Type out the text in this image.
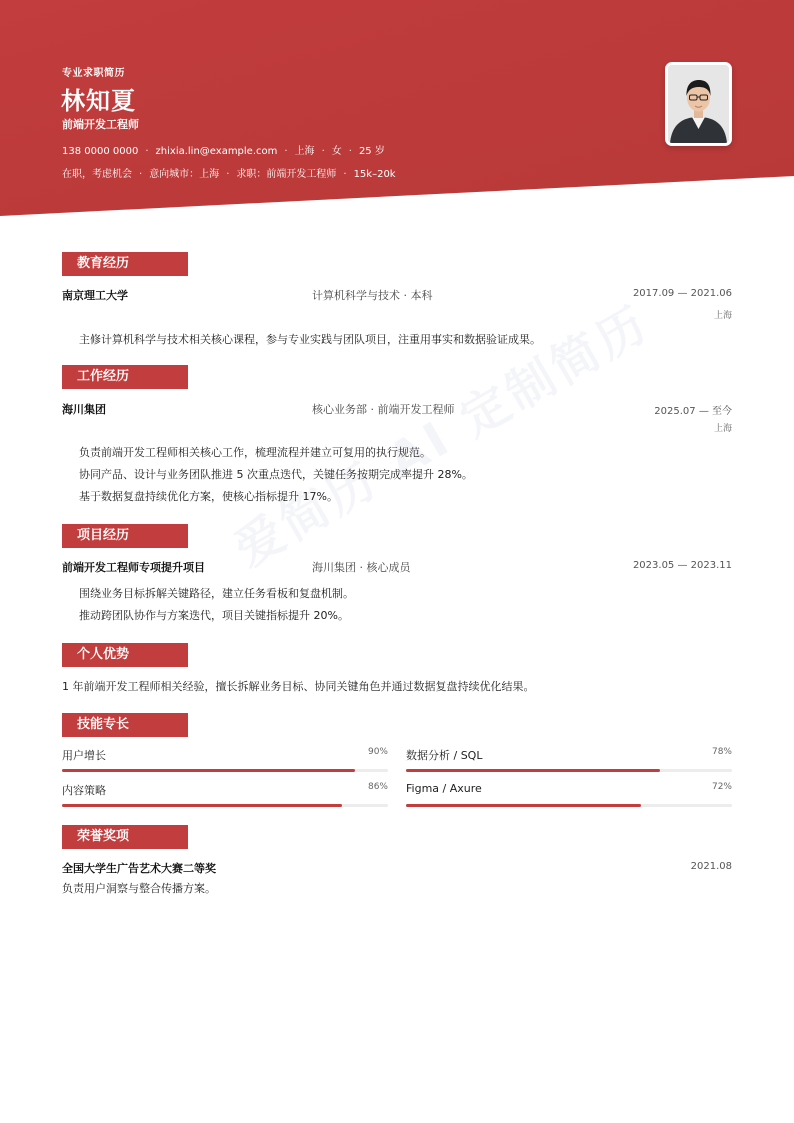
专业求职简历
林知夏
前端开发工程师
138 0000 0000 · zhixia.lin@example.com · 上海 · 女 · 25 岁
在职，考虑机会 · 意向城市：上海 · 求职：前端开发工程师 · 15k–20k
教育经历
南京理工大学	计算机科学与技术 · 本科	2017.09 — 2021.06
上海
主修计算机科学与技术相关核心课程，参与专业实践与团队项目，注重用事实和数据验证成果。
工作经历
海川集团	核心业务部 · 前端开发工程师	2025.07 — 至今
上海
负责前端开发工程师相关核心工作，梳理流程并建立可复用的执行规范。
协同产品、设计与业务团队推进 5 次重点迭代，关键任务按期完成率提升 28%。
基于数据复盘持续优化方案，使核心指标提升 17%。
项目经历
前端开发工程师专项提升项目	海川集团 · 核心成员	2023.05 — 2023.11
围绕业务目标拆解关键路径，建立任务看板和复盘机制。
推动跨团队协作与方案迭代，项目关键指标提升 20%。
个人优势
1 年前端开发工程师相关经验，擅长拆解业务目标、协同关键角色并通过数据复盘持续优化结果。
技能专长
用户增长	90% 数据分析 / SQL	78%
内容策略	86% Figma / Axure	72%
荣誉奖项
全国大学生广告艺术大赛二等奖	2021.08
负责用户洞察与整合传播方案。
